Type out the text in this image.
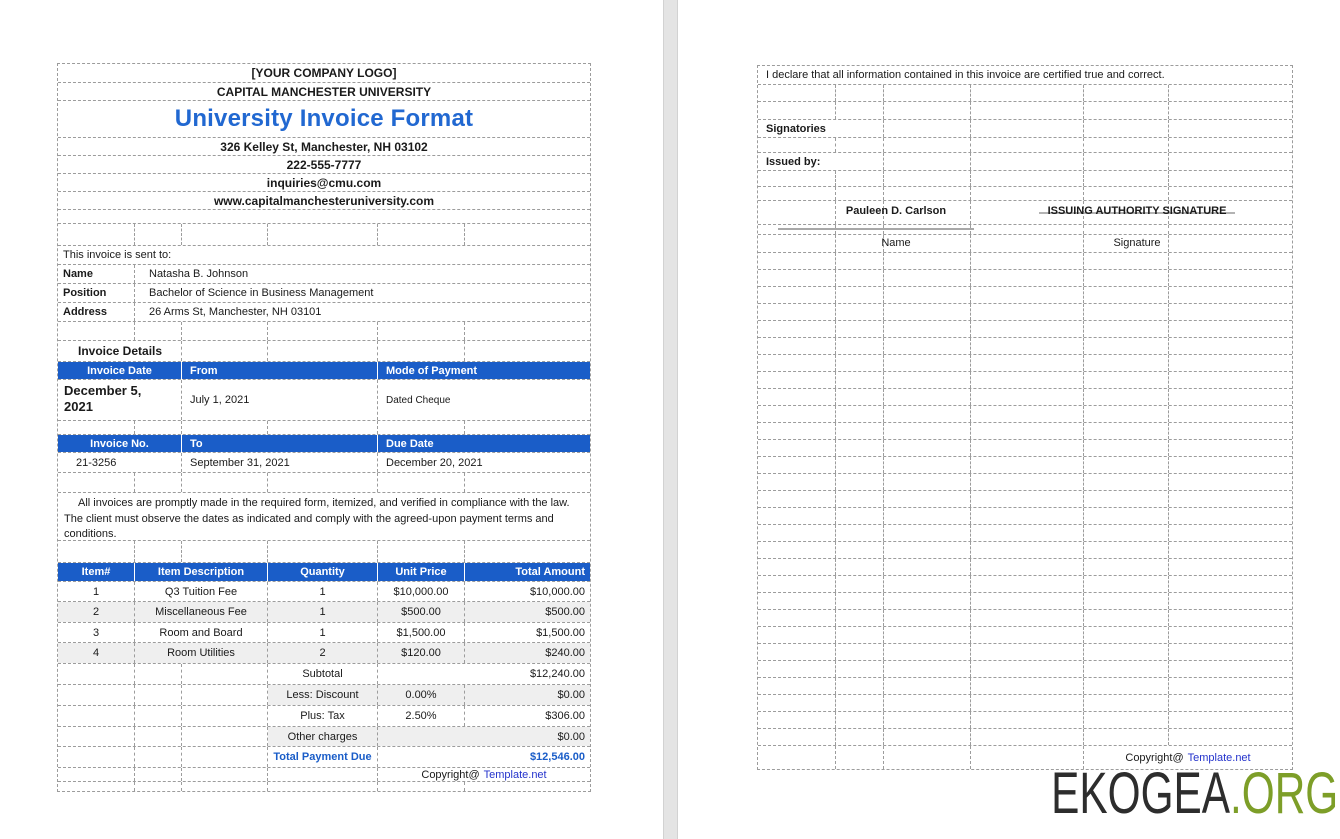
[YOUR COMPANY LOGO]
CAPITAL MANCHESTER UNIVERSITY
University Invoice Format
326 Kelley St, Manchester, NH 03102
222-555-7777
inquiries@cmu.com
www.capitalmanchesteruniversity.com
This invoice is sent to:
Name	Natasha B. Johnson
Position	Bachelor of Science in Business Management
Address	26 Arms St, Manchester, NH 03101
Invoice Details
Invoice Date	From	Mode of Payment
December 5, 2021	July 1, 2021	Dated Cheque
Invoice No.	To	Due Date
21-3256	September 31, 2021	December 20, 2021
All invoices are promptly made in the required form, itemized, and verified in compliance with the law. The client must observe the dates as indicated and comply with the agreed-upon payment terms and conditions.
Item#	Item Description	Quantity	Unit Price	Total Amount
1	Q3 Tuition Fee	1	$10,000.00	$10,000.00
2	Miscellaneous Fee	1	$500.00	$500.00
3	Room and Board	1	$1,500.00	$1,500.00
4	Room Utilities	2	$120.00	$240.00
Subtotal	$12,240.00
Less: Discount	0.00%	$0.00
Plus: Tax	2.50%	$306.00
Other charges	$0.00
Total Payment Due	$12,546.00
Copyright@ Template.net
I declare that all information contained in this invoice are certified true and correct.
Signatories
Issued by:
Pauleen D. Carlson	ISSUING AUTHORITY SIGNATURE
Name	Signature
Copyright@ Template.net
EKOGEA.ORG
